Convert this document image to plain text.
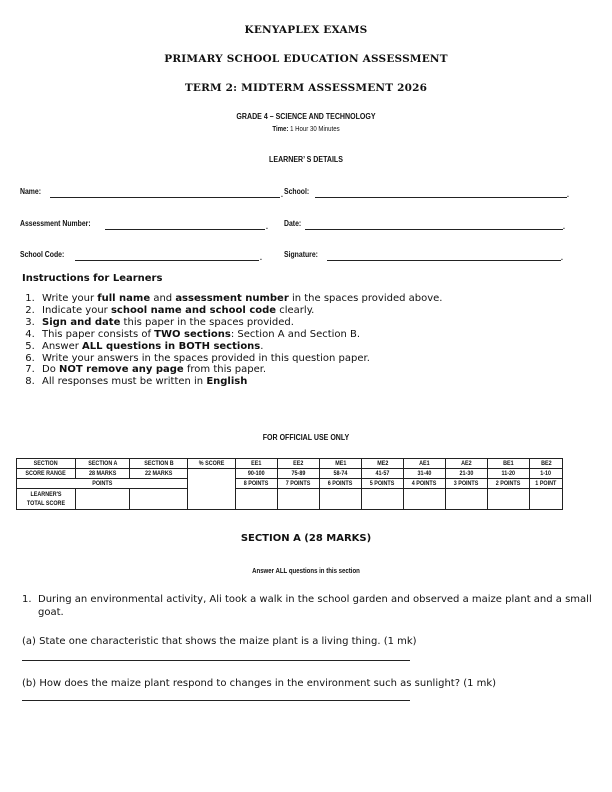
KENYAPLEX EXAMS
PRIMARY SCHOOL EDUCATION ASSESSMENT
TERM 2: MIDTERM ASSESSMENT 2026
GRADE 4 – SCIENCE AND TECHNOLOGY
Time: 1 Hour 30 Minutes
LEARNER’ S DETAILS
Name:	. School:	.
Assessment Number:	. Date:	.
School Code:	.	Signature:	.
Instructions for Learners
1. Write your full name and assessment number in the spaces provided above.
2. Indicate your school name and school code clearly.
3. Sign and date this paper in the spaces provided.
4. This paper consists of TWO sections: Section A and Section B.
5. Answer ALL questions in BOTH sections.
6. Write your answers in the spaces provided in this question paper.
7. Do NOT remove any page from this paper.
8. All responses must be written in English
FOR OFFICIAL USE ONLY
SECTION	SECTION A	SECTION B	% SCORE	EE1	EE2	ME1	ME2	AE1	AE2	BE1	BE2
SCORE RANGE	28 MARKS	22 MARKS		90-100	75-89	58-74	41-57	31-40	21-30	11-20	1-10
POINTS				8 POINTS	7 POINTS	6 POINTS	5 POINTS	4 POINTS	3 POINTS	2 POINTS	1 POINT
LEARNER'S TOTAL SCORE											
SECTION A (28 MARKS)
Answer ALL questions in this section
1. During an environmental activity, Ali took a walk in the school garden and observed a maize plant and a small goat.
(a) State one characteristic that shows the maize plant is a living thing. (1 mk)
(b) How does the maize plant respond to changes in the environment such as sunlight? (1 mk)
